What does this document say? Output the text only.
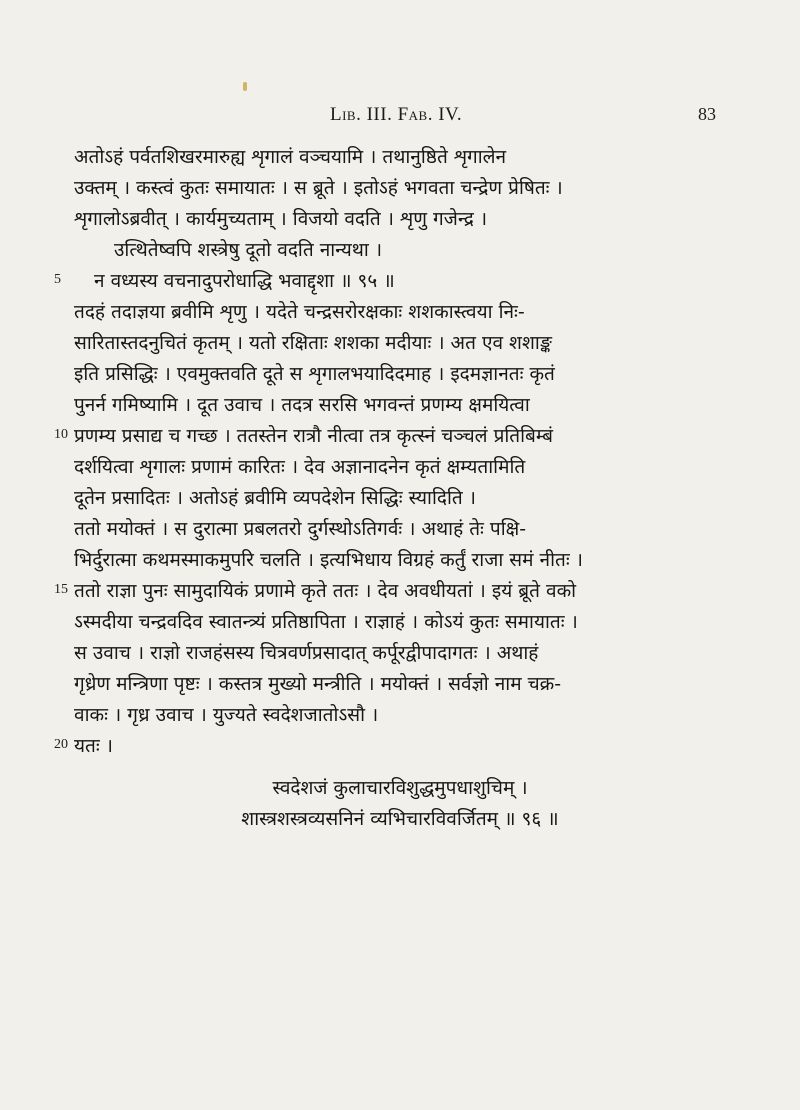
Lib. III. Fab. IV.	83
अतोऽहं पर्वतशिखरमारुह्य शृगालं वञ्चयामि । तथानुष्ठिते शृगालेन
उक्तम् । कस्त्वं कुतः समायातः । स ब्रूते । इतोऽहं भगवता चन्द्रेण प्रेषितः ।
शृगालोऽब्रवीत् । कार्यमुच्यताम् । विजयो वदति । शृणु गजेन्द्र ।
उत्थितेष्वपि शस्त्रेषु दूतो वदति नान्यथा ।
5	न वध्यस्य वचनादुपरोधाद्धि भवाद्दृशा ॥ ९५ ॥
तदहं तदाज्ञया ब्रवीमि शृणु । यदेते चन्द्रसरोरक्षकाः शशकास्त्वया निः-
सारितास्तदनुचितं कृतम् । यतो रक्षिताः शशका मदीयाः । अत एव शशाङ्क
इति प्रसिद्धिः । एवमुक्तवति दूते स शृगालभयादिदमाह । इदमज्ञानतः कृतं
पुनर्न गमिष्यामि । दूत उवाच । तदत्र सरसि भगवन्तं प्रणम्य क्षमयित्वा
10 प्रणम्य प्रसाद्य च गच्छ । ततस्तेन रात्रौ नीत्वा तत्र कृत्स्नं चञ्चलं प्रतिबिम्बं
दर्शयित्वा शृगालः प्रणामं कारितः । देव अज्ञानादनेन कृतं क्षम्यतामिति
दूतेन प्रसादितः । अतोऽहं ब्रवीमि व्यपदेशेन सिद्धिः स्यादिति ।
ततो मयोक्तं । स दुरात्मा प्रबलतरो दुर्गस्थोऽतिगर्वः । अथाहं तेः पक्षि-
भिर्दुरात्मा कथमस्माकमुपरि चलति । इत्यभिधाय विग्रहं कर्तुं राजा समं नीतः ।
15 ततो राज्ञा पुनः सामुदायिकं प्रणामे कृते ततः । देव अवधीयतां । इयं ब्रूते वको
ऽस्मदीया चन्द्रवदिव स्वातन्त्र्यं प्रतिष्ठापिता । राज्ञाहं । कोऽयं कुतः समायातः ।
स उवाच । राज्ञो राजहंसस्य चित्रवर्णप्रसादात् कर्पूरद्वीपादागतः । अथाहं
गृध्रेण मन्त्रिणा पृष्टः । कस्तत्र मुख्यो मन्त्रीति । मयोक्तं । सर्वज्ञो नाम चक्र-
वाकः । गृध्र उवाच । युज्यते स्वदेशजातोऽसौ ।
20 यतः ।
स्वदेशजं कुलाचारविशुद्धमुपधाशुचिम् ।
शास्त्रशस्त्रव्यसनिनं व्यभिचारविवर्जितम् ॥ ९६ ॥
